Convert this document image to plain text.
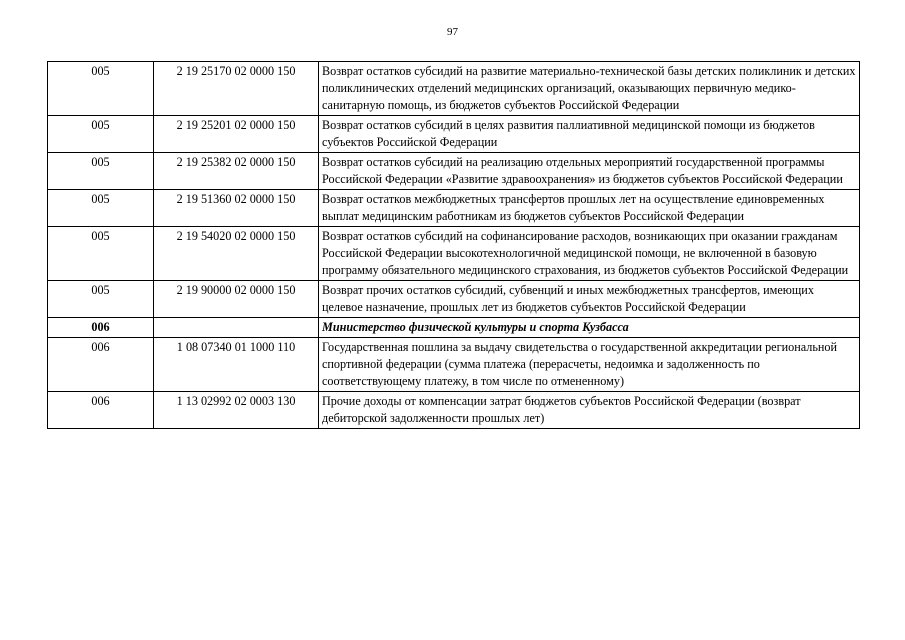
97
005	2 19 25170 02 0000 150	Возврат остатков субсидий на развитие материально-технической базы детских поликлиник и детских поликлинических отделений медицинских организаций, оказывающих первичную медико-санитарную помощь, из бюджетов субъектов Российской Федерации
005	2 19 25201 02 0000 150	Возврат остатков субсидий в целях развития паллиативной медицинской помощи из бюджетов субъектов Российской Федерации
005	2 19 25382 02 0000 150	Возврат остатков субсидий на реализацию отдельных мероприятий государственной программы Российской Федерации «Развитие здравоохранения» из бюджетов субъектов Российской Федерации
005	2 19 51360 02 0000 150	Возврат остатков межбюджетных трансфертов прошлых лет на осуществление единовременных выплат медицинским работникам из бюджетов субъектов Российской Федерации
005	2 19 54020 02 0000 150	Возврат остатков субсидий на софинансирование расходов, возникающих при оказании гражданам Российской Федерации высокотехнологичной медицинской помощи, не включенной в базовую программу обязательного медицинского страхования, из бюджетов субъектов Российской Федерации
005	2 19 90000 02 0000 150	Возврат прочих остатков субсидий, субвенций и иных межбюджетных трансфертов, имеющих целевое назначение, прошлых лет из бюджетов субъектов Российской Федерации
006		Министерство физической культуры и спорта Кузбасса
006	1 08 07340 01 1000 110	Государственная пошлина за выдачу свидетельства о государственной аккредитации региональной спортивной федерации (сумма платежа (перерасчеты, недоимка и задолженность по соответствующему платежу, в том числе по отмененному)
006	1 13 02992 02 0003 130	Прочие доходы от компенсации затрат бюджетов субъектов Российской Федерации (возврат дебиторской задолженности прошлых лет)
